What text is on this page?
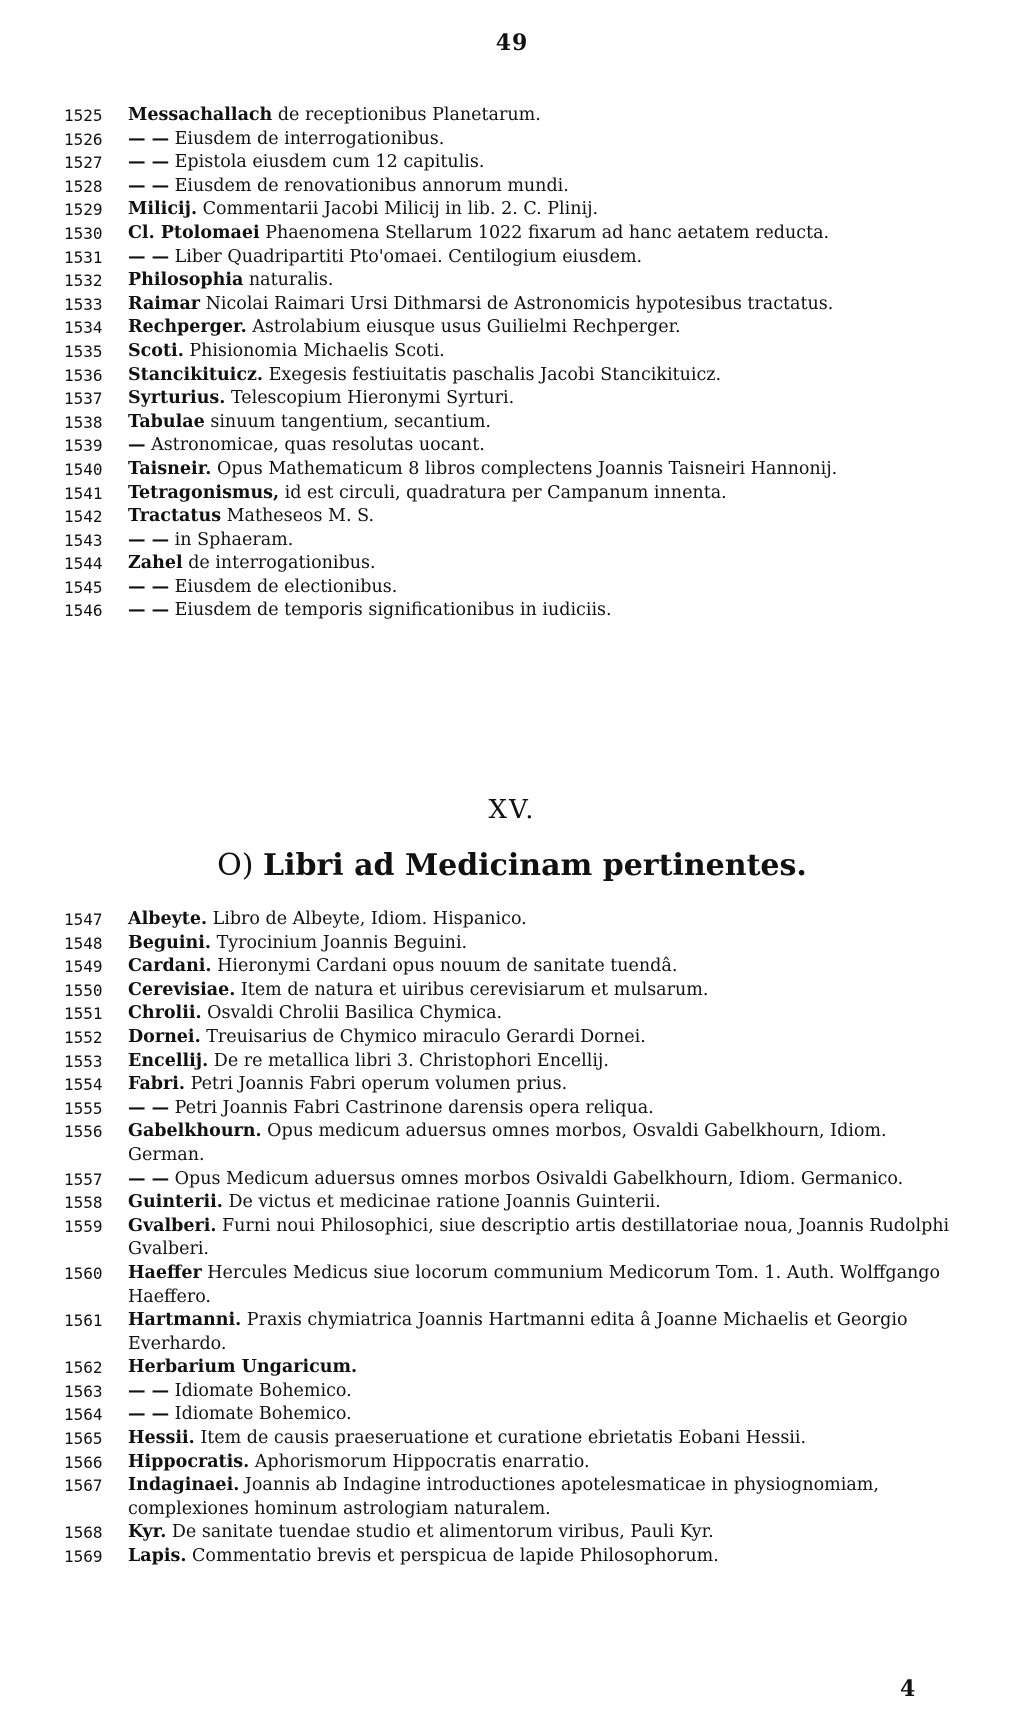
49

1525	Messachallach de receptionibus Planetarum.

1526	— — Eiusdem de interrogationibus.

1527	— — Epistola eiusdem cum 12 capitulis.

1528	— — Eiusdem de renovationibus annorum mundi.

1529	Milicij. Commentarii Jacobi Milicij in lib. 2. C. Plinij.

1530	Cl. Ptolomaei Phaenomena Stellarum 1022 fixarum ad hanc aetatem reducta.

1531	— — Liber Quadripartiti Pto'omaei. Centilogium eiusdem.

1532	Philosophia naturalis.

1533	Raimar Nicolai Raimari Ursi Dithmarsi de Astronomicis hypotesibus tractatus.

1534	Rechperger. Astrolabium eiusque usus Guilielmi Rechperger.

1535	Scoti. Phisionomia Michaelis Scoti.

1536	Stancikituicz. Exegesis festiuitatis paschalis Jacobi Stancikituicz.

1537	Syrturius. Telescopium Hieronymi Syrturi.

1538	Tabulae sinuum tangentium, secantium.

1539	— Astronomicae, quas resolutas uocant.

1540	Taisneir. Opus Mathematicum 8 libros complectens Joannis Taisneiri Hannonij.

1541	Tetragonismus, id est circuli, quadratura per Campanum innenta.

1542	Tractatus Matheseos M. S.

1543	— — in Sphaeram.

1544	Zahel de interrogationibus.

1545	— — Eiusdem de electionibus.

1546	— — Eiusdem de temporis significationibus in iudiciis.

XV.
O) Libri ad Medicinam pertinentes.

1547	Albeyte. Libro de Albeyte, Idiom. Hispanico.

1548	Beguini. Tyrocinium Joannis Beguini.

1549	Cardani. Hieronymi Cardani opus nouum de sanitate tuendâ.

1550	Cerevisiae. Item de natura et uiribus cerevisiarum et mulsarum.

1551	Chrolii. Osvaldi Chrolii Basilica Chymica.

1552	Dornei. Treuisarius de Chymico miraculo Gerardi Dornei.

1553	Encellij. De re metallica libri 3. Christophori Encellij.

1554	Fabri. Petri Joannis Fabri operum volumen prius.

1555	— — Petri Joannis Fabri Castrinone darensis opera reliqua.

1556	Gabelkhourn. Opus medicum aduersus omnes morbos, Osvaldi Gabelkhourn, Idiom. German.

1557	— — Opus Medicum aduersus omnes morbos Osivaldi Gabelkhourn, Idiom. Germanico.

1558	Guinterii. De victus et medicinae ratione Joannis Guinterii.

1559	Gvalberi. Furni noui Philosophici, siue descriptio artis destillatoriae noua, Joannis Rudolphi Gvalberi.

1560	Haeffer Hercules Medicus siue locorum communium Medicorum Tom. 1. Auth. Wolffgango Haeffero.

1561	Hartmanni. Praxis chymiatrica Joannis Hartmanni edita â Joanne Michaelis et Georgio Everhardo.

1562	Herbarium Ungaricum.

1563	— — Idiomate Bohemico.

1564	— — Idiomate Bohemico.

1565	Hessii. Item de causis praeseruatione et curatione ebrietatis Eobani Hessii.

1566	Hippocratis. Aphorismorum Hippocratis enarratio.

1567	Indaginaei. Joannis ab Indagine introductiones apotelesmaticae in physiognomiam, complexiones hominum astrologiam naturalem.

1568	Kyr. De sanitate tuendae studio et alimentorum viribus, Pauli Kyr.

1569	Lapis. Commentatio brevis et perspicua de lapide Philosophorum.

4
